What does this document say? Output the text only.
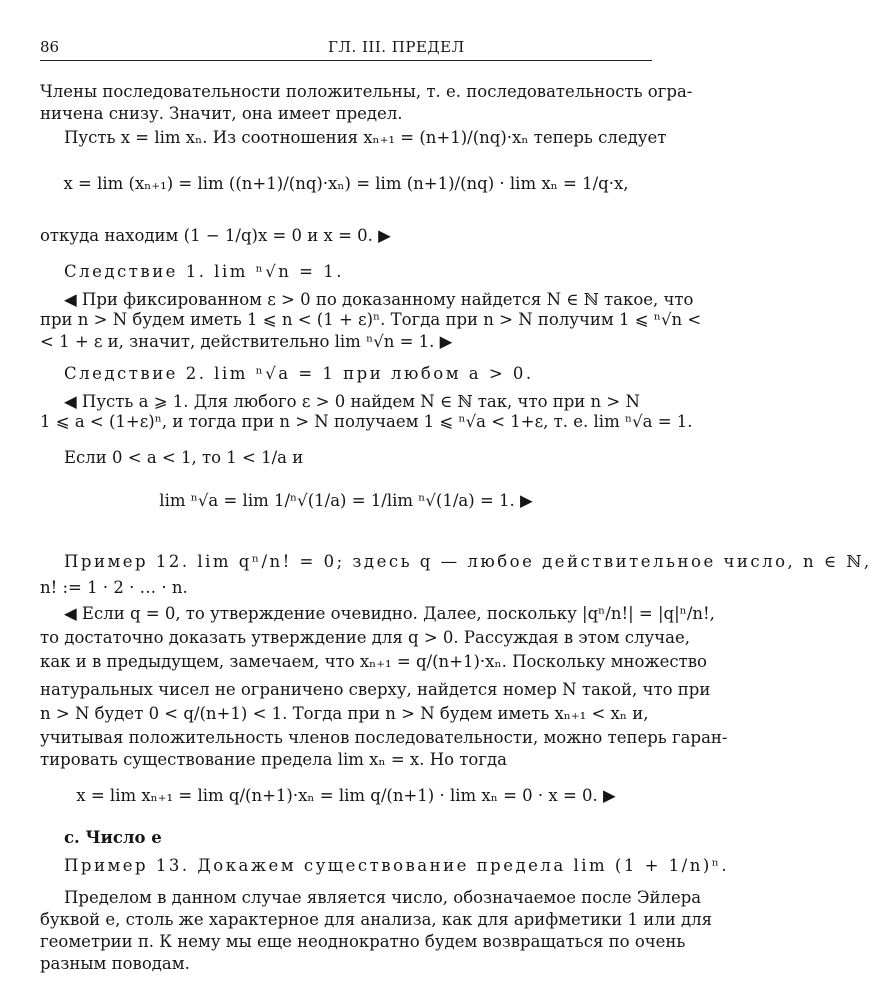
86	ГЛ. III. ПРЕДЕЛ
Члены последовательности положительны, т. е. последовательность огра-
ничена снизу. Значит, она имеет предел.
Пусть x = lim xₙ. Из соотношения xₙ₊₁ = (n+1)/(nq)·xₙ теперь следует
x = lim (xₙ₊₁) = lim ((n+1)/(nq)·xₙ) = lim (n+1)/(nq) · lim xₙ = 1/q·x,
откуда находим (1 − 1/q)x = 0 и x = 0. ▶
Следствие 1. lim ⁿ√n = 1.
◀ При фиксированном ε > 0 по доказанному найдется N ∈ ℕ такое, что
при n > N будем иметь 1 ⩽ n < (1 + ε)ⁿ. Тогда при n > N получим 1 ⩽ ⁿ√n <
< 1 + ε и, значит, действительно lim ⁿ√n = 1. ▶
Следствие 2. lim ⁿ√a = 1 при любом a > 0.
◀ Пусть a ⩾ 1. Для любого ε > 0 найдем N ∈ ℕ так, что при n > N
1 ⩽ a < (1+ε)ⁿ, и тогда при n > N получаем 1 ⩽ ⁿ√a < 1+ε, т. е. lim ⁿ√a = 1.
Если 0 < a < 1, то 1 < 1/a и
lim ⁿ√a = lim 1/ⁿ√(1/a) = 1/lim ⁿ√(1/a) = 1. ▶
Пример 12. lim qⁿ/n! = 0; здесь q — любое действительное число, n ∈ ℕ,
n! := 1 · 2 · … · n.
◀ Если q = 0, то утверждение очевидно. Далее, поскольку |qⁿ/n!| = |q|ⁿ/n!,
то достаточно доказать утверждение для q > 0. Рассуждая в этом случае,
как и в предыдущем, замечаем, что xₙ₊₁ = q/(n+1)·xₙ. Поскольку множество
натуральных чисел не ограничено сверху, найдется номер N такой, что при
n > N будет 0 < q/(n+1) < 1. Тогда при n > N будем иметь xₙ₊₁ < xₙ и,
учитывая положительность членов последовательности, можно теперь гаран-
тировать существование предела lim xₙ = x. Но тогда
x = lim xₙ₊₁ = lim q/(n+1)·xₙ = lim q/(n+1) · lim xₙ = 0 · x = 0. ▶
c. Число e
Пример 13. Докажем существование предела lim (1 + 1/n)ⁿ.
Пределом в данном случае является число, обозначаемое после Эйлера
буквой e, столь же характерное для анализа, как для арифметики 1 или для
геометрии π. К нему мы еще неоднократно будем возвращаться по очень
разным поводам.
